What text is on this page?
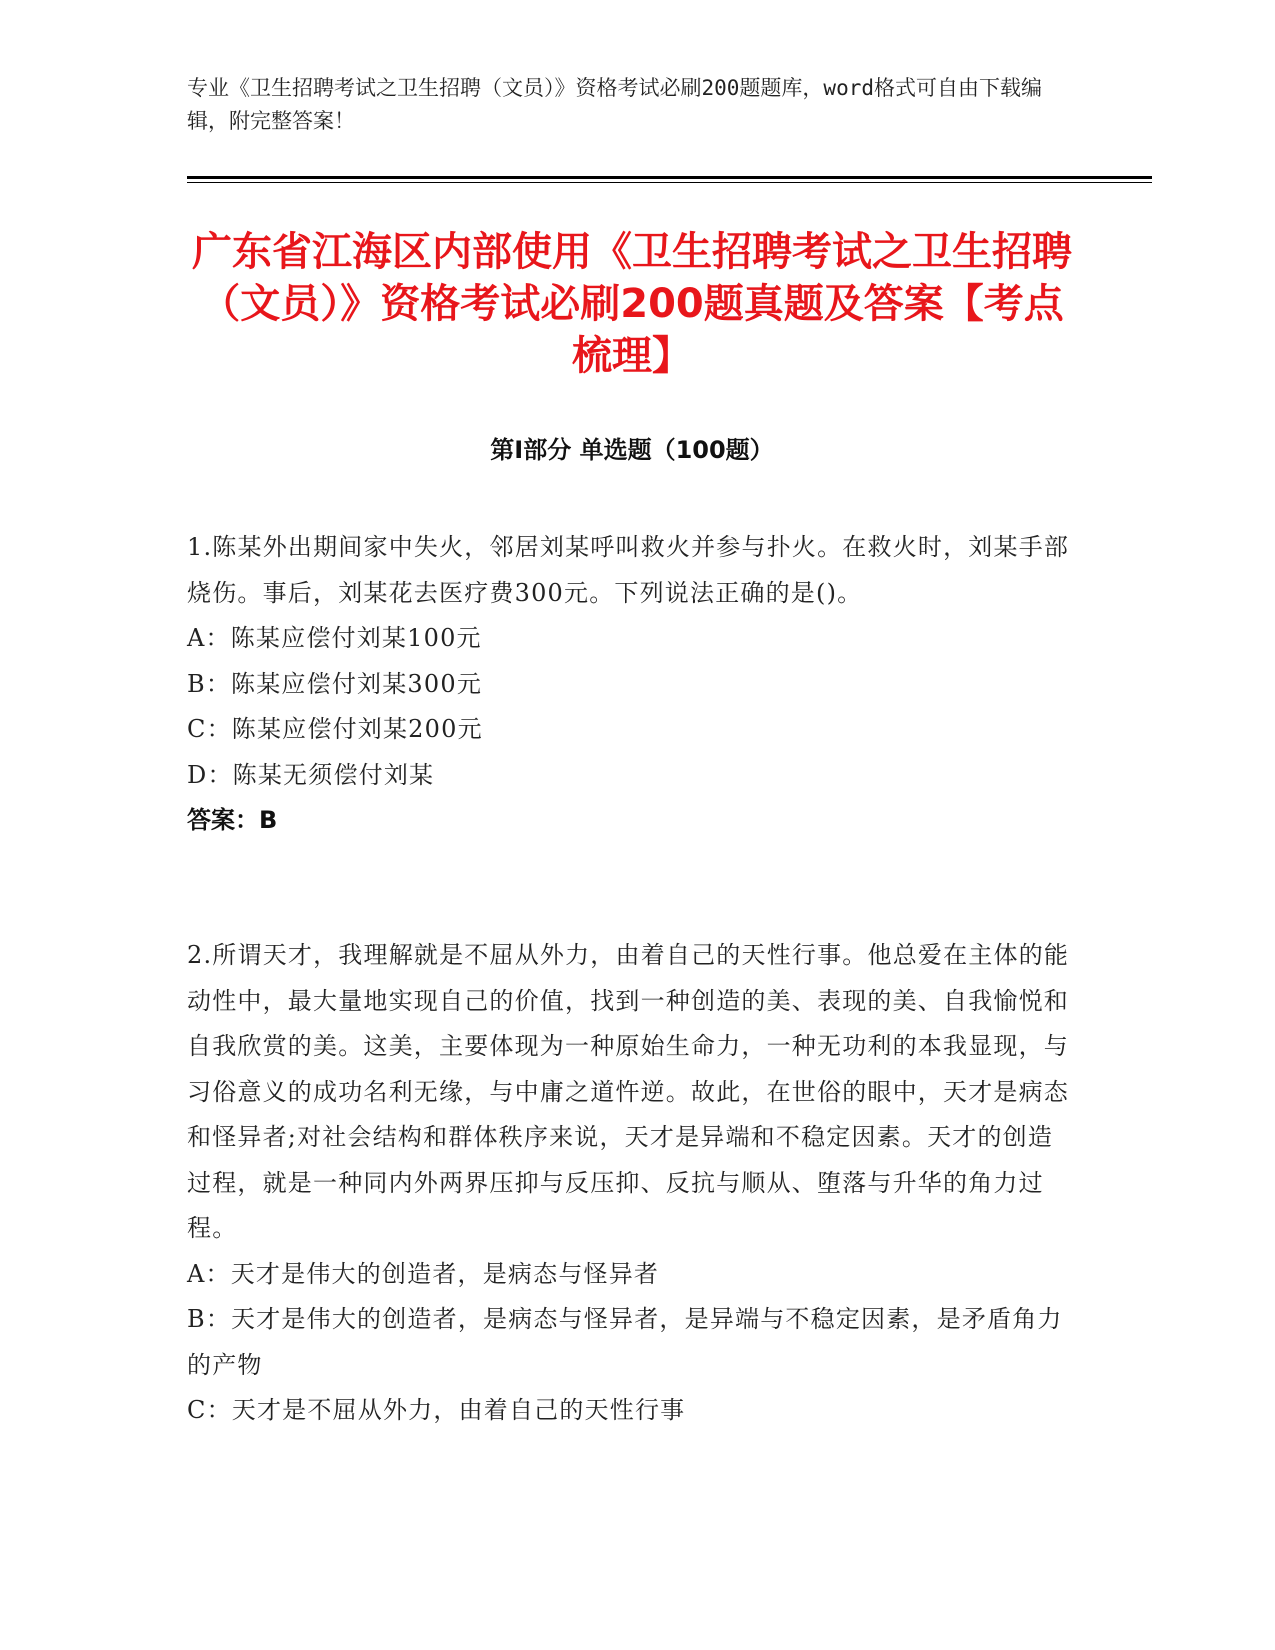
专业《卫生招聘考试之卫生招聘（文员）》资格考试必刷200题题库，word格式可自由下载编辑，附完整答案！
广东省江海区内部使用《卫生招聘考试之卫生招聘（文员）》资格考试必刷200题真题及答案【考点梳理】
第I部分 单选题（100题）
1.陈某外出期间家中失火，邻居刘某呼叫救火并参与扑火。在救火时，刘某手部烧伤。事后，刘某花去医疗费300元。下列说法正确的是()。
A：陈某应偿付刘某100元
B：陈某应偿付刘某300元
C：陈某应偿付刘某200元
D：陈某无须偿付刘某
答案：B
2.所谓天才，我理解就是不屈从外力，由着自己的天性行事。他总爱在主体的能动性中，最大量地实现自己的价值，找到一种创造的美、表现的美、自我愉悦和自我欣赏的美。这美，主要体现为一种原始生命力，一种无功利的本我显现，与习俗意义的成功名利无缘，与中庸之道忤逆。故此，在世俗的眼中，天才是病态和怪异者;对社会结构和群体秩序来说，天才是异端和不稳定因素。天才的创造过程，就是一种同内外两界压抑与反压抑、反抗与顺从、堕落与升华的角力过程。
A：天才是伟大的创造者，是病态与怪异者
B：天才是伟大的创造者，是病态与怪异者，是异端与不稳定因素，是矛盾角力的产物
C：天才是不屈从外力，由着自己的天性行事
